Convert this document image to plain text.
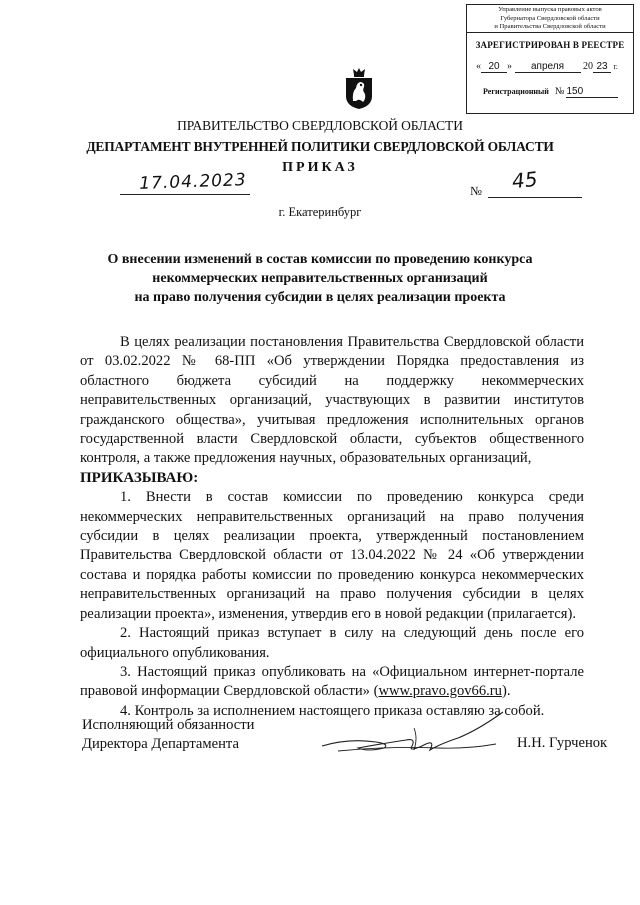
Управление выпуска правовых актов
Губернатора Свердловской области
и Правительства Свердловской области
ЗАРЕГИСТРИРОВАН В РЕЕСТРЕ
« 20 » апреля 20 23 г.
Регистрационный № 150
ПРАВИТЕЛЬСТВО СВЕРДЛОВСКОЙ ОБЛАСТИ
ДЕПАРТАМЕНТ ВНУТРЕННЕЙ ПОЛИТИКИ СВЕРДЛОВСКОЙ ОБЛАСТИ
ПРИКАЗ
17.04.2023	№ 45
г. Екатеринбург
О внесении изменений в состав комиссии по проведению конкурса
некоммерческих неправительственных организаций
на право получения субсидии в целях реализации проекта

В целях реализации постановления Правительства Свердловской области от 03.02.2022 № 68-ПП «Об утверждении Порядка предоставления из областного бюджета субсидий на поддержку некоммерческих неправительственных организаций, участвующих в развитии институтов гражданского общества», учитывая предложения исполнительных органов государственной власти Свердловской области, субъектов общественного контроля, а также предложения научных, образовательных организаций,

ПРИКАЗЫВАЮ:

1. Внести в состав комиссии по проведению конкурса среди некоммерческих неправительственных организаций на право получения субсидии в целях реализации проекта, утвержденный постановлением Правительства Свердловской области от 13.04.2022 № 24 «Об утверждении состава и порядка работы комиссии по проведению конкурса некоммерческих неправительственных организаций на право получения субсидии в целях реализации проекта», изменения, утвердив его в новой редакции (прилагается).

2. Настоящий приказ вступает в силу на следующий день после его официального опубликования.

3. Настоящий приказ опубликовать на «Официальном интернет-портале правовой информации Свердловской области» (www.pravo.gov66.ru).

4. Контроль за исполнением настоящего приказа оставляю за собой.

Исполняющий обязанности
Директора Департамента	Н.Н. Гурченок
